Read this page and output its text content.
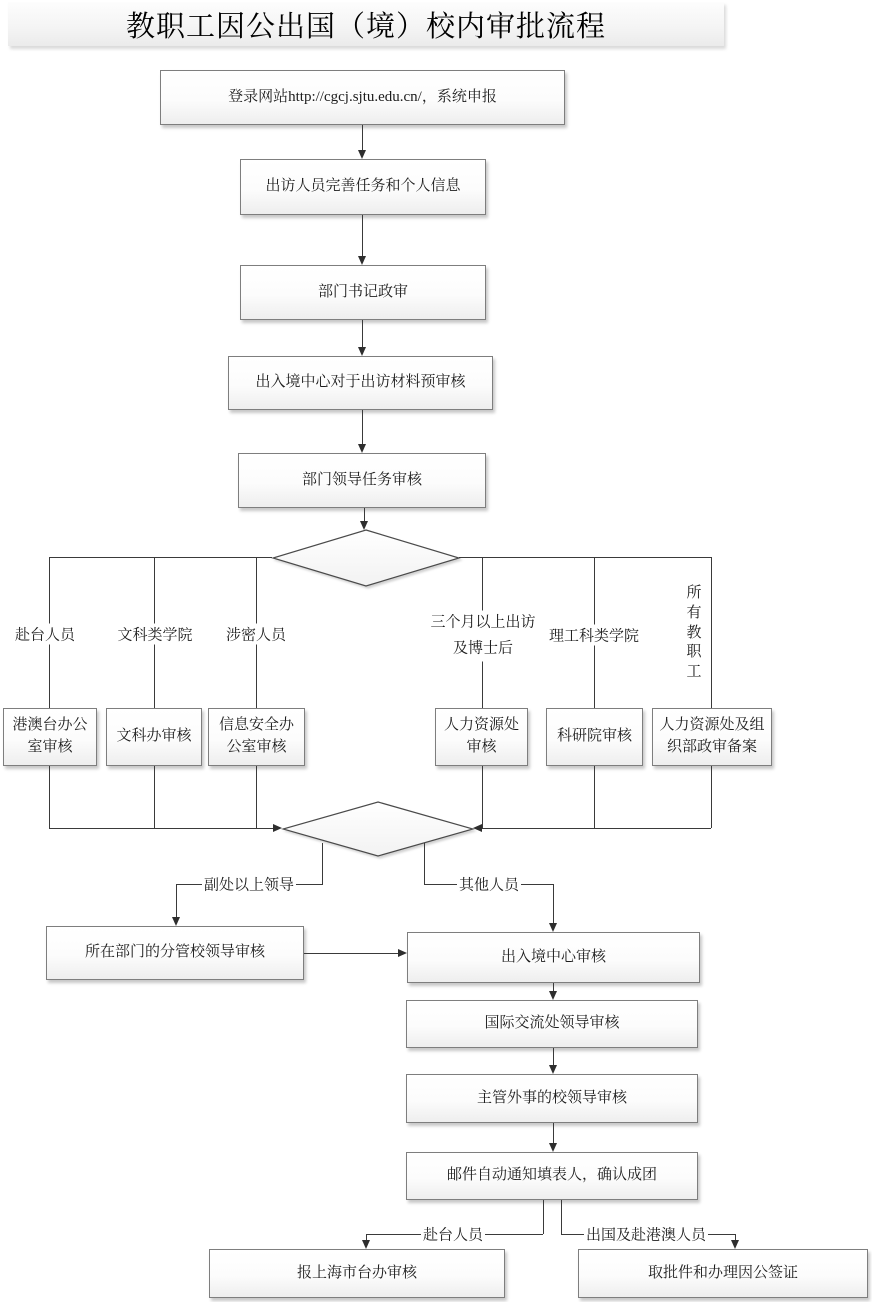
教职工因公出国（境）校内审批流程
登录网站http://cgcj.sjtu.edu.cn/，系统申报
出访人员完善任务和个人信息
部门书记政审
出入境中心对于出访材料预审核
部门领导任务审核
赴台人员	文科类学院 涉密人员
三个月以上出访及博士后
理工科类学院
所有教职工
港澳台办公室审核
文科办审核
信息安全办公室审核
人力资源处审核
科研院审核
人力资源处及组织部政审备案
副处以上领导	其他人员
所在部门的分管校领导审核	出入境中心审核
国际交流处领导审核
主管外事的校领导审核
邮件自动通知填表人，确认成团
赴台人员	出国及赴港澳人员
报上海市台办审核	取批件和办理因公签证
